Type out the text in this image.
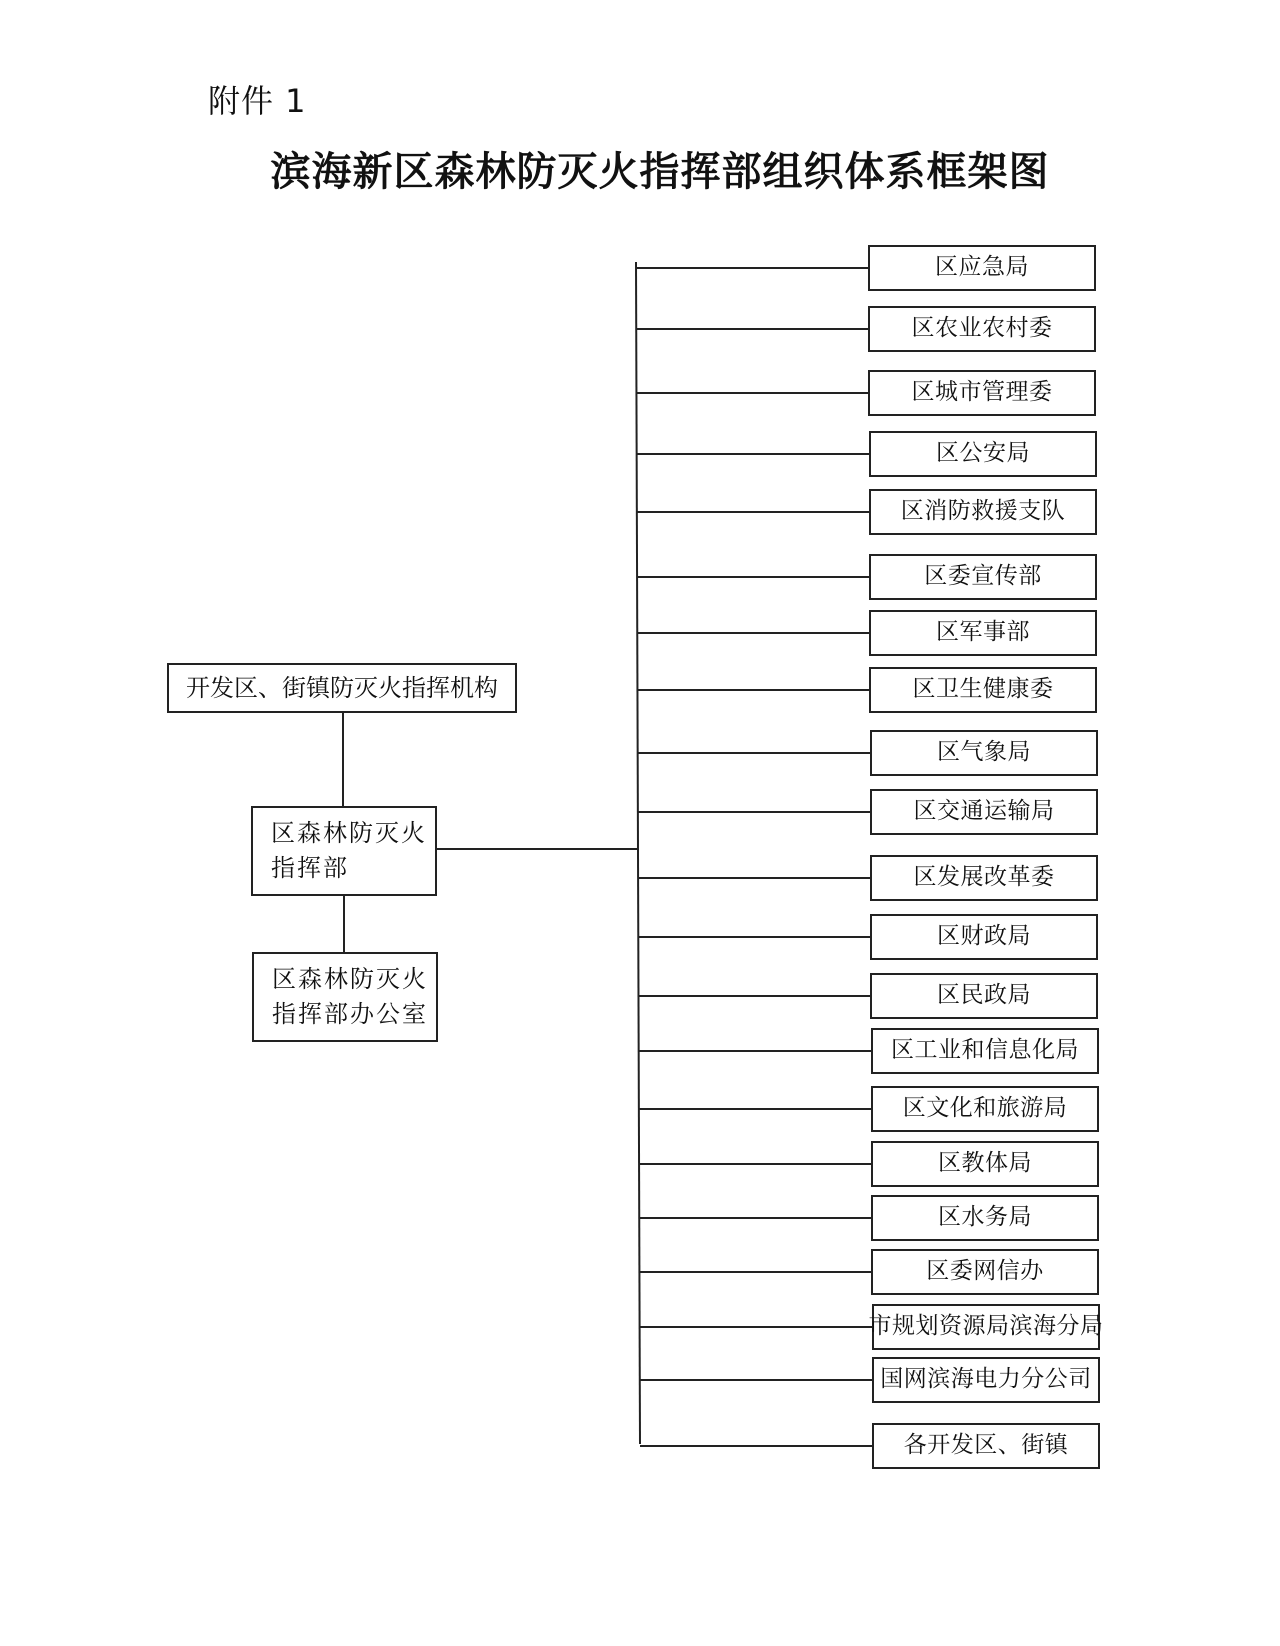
附件 1
滨海新区森林防灭火指挥部组织体系框架图
开发区、街镇防灭火指挥机构
区森林防灭火
指挥部
区森林防灭火
指挥部办公室
区应急局
区农业农村委
区城市管理委
区公安局
区消防救援支队
区委宣传部
区军事部
区卫生健康委
区气象局
区交通运输局
区发展改革委
区财政局
区民政局
区工业和信息化局
区文化和旅游局
区教体局
区水务局
区委网信办
市规划资源局滨海分局
国网滨海电力分公司
各开发区、街镇
